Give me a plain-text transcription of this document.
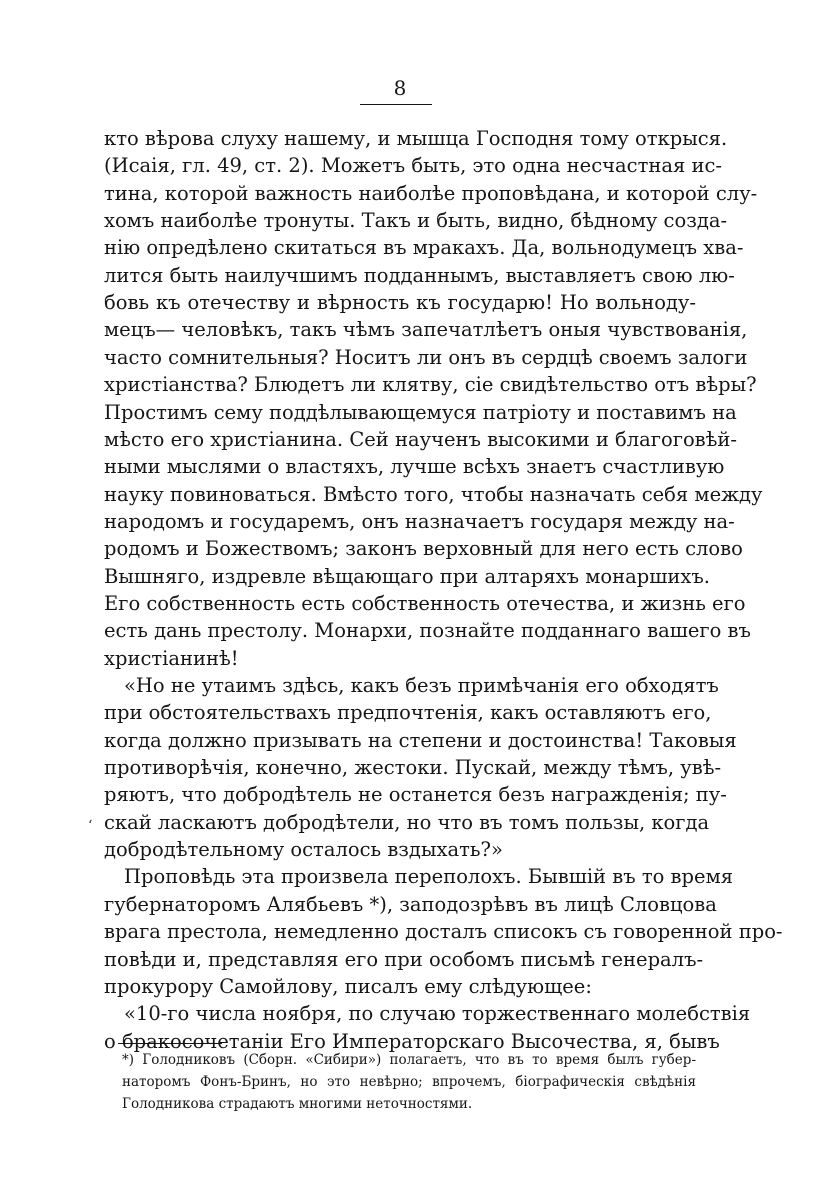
8
кто вѣрова слуху нашему, и мышца Господня тому открыся.
(Исаія, гл. 49, ст. 2). Можетъ быть, это одна несчастная ис-
тина, которой важность наиболѣе проповѣдана, и которой слу-
хомъ наиболѣе тронуты. Такъ и быть, видно, бѣдному созда-
нію опредѣлено скитаться въ мракахъ. Да, вольнодумецъ хва-
лится быть наилучшимъ подданнымъ, выставляетъ свою лю-
бовь къ отечеству и вѣрность къ государю! Но вольноду-
мецъ— человѣкъ, такъ чѣмъ запечатлѣетъ оныя чувствованія,
часто сомнительныя? Носитъ ли онъ въ сердцѣ своемъ залоги
христіанства? Блюдетъ ли клятву, сіе свидѣтельство отъ вѣры?
Простимъ сему поддѣлывающемуся патріоту и поставимъ на
мѣсто его христіанина. Сей наученъ высокими и благоговѣй-
ными мыслями о властяхъ, лучше всѣхъ знаетъ счастливую
науку повиноваться. Вмѣсто того, чтобы назначать себя между
народомъ и государемъ, онъ назначаетъ государя между на-
родомъ и Божествомъ; законъ верховный для него есть слово
Вышняго, издревле вѣщающаго при алтаряхъ монаршихъ.
Его собственность есть собственность отечества, и жизнь его
есть дань престолу. Монархи, познайте подданнаго вашего въ
христіанинѣ!
«Но не утаимъ здѣсь, какъ безъ примѣчанія его обходятъ
при обстоятельствахъ предпочтенія, какъ оставляютъ его,
когда должно призывать на степени и достоинства! Таковыя
противорѣчія, конечно, жестоки. Пускай, между тѣмъ, увѣ-
ряютъ, что добродѣтель не останется безъ награжденія; пу-
скай ласкаютъ добродѣтели, но что въ томъ пользы, когда
добродѣтельному осталось вздыхать?»
Проповѣдь эта произвела переполохъ. Бывшій въ то время
губернаторомъ Алябьевъ *), заподозрѣвъ въ лицѣ Словцова
врага престола, немедленно досталъ списокъ съ говоренной про-
повѣди и, представляя его при особомъ письмѣ генералъ-
прокурору Самойлову, писалъ ему слѣдующее:
«10-го числа ноября, по случаю торжественнаго молебствія
о бракосочетаніи Его Императорскаго Высочества, я, бывъ
‘
*) Голодниковъ (Сборн. «Сибири») полагаетъ, что въ то время былъ губер-
наторомъ Фонъ-Бринъ, но это невѣрно; впрочемъ, біографическія свѣдѣнія
Голодникова страдаютъ многими неточностями.
